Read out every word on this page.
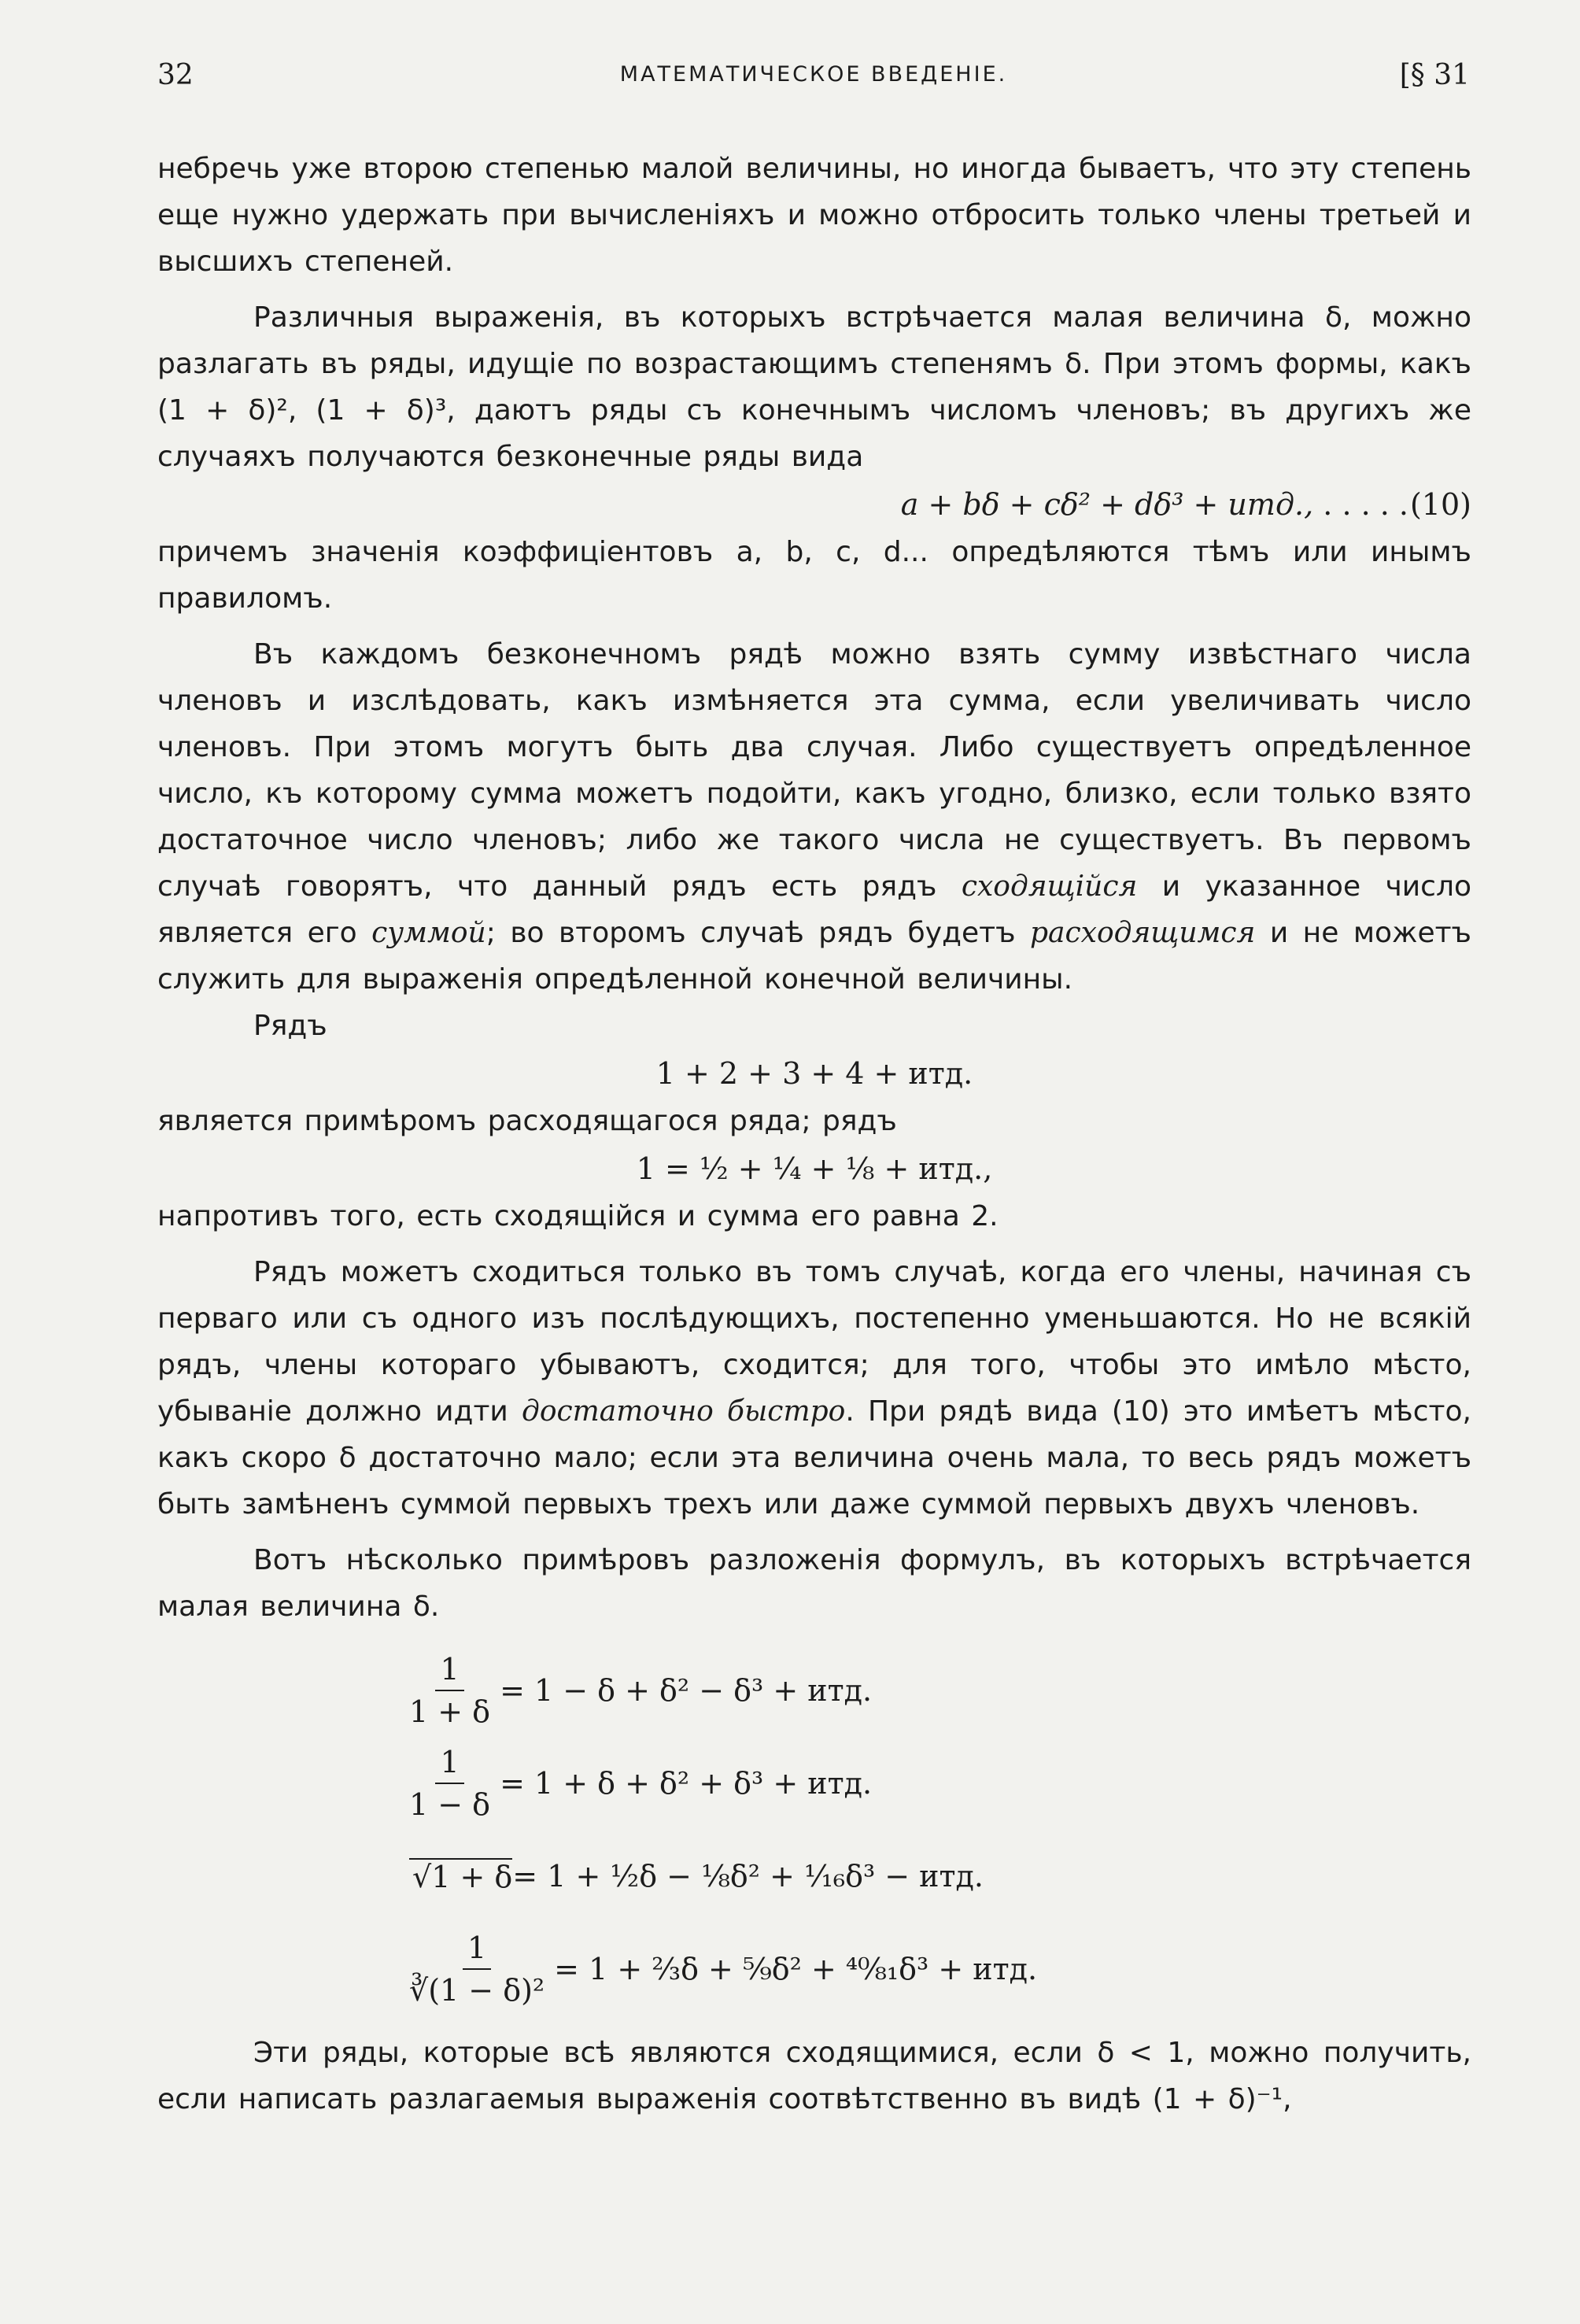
32	МАТЕМАТИЧЕСКОЕ ВВЕДЕНІЕ.	[§ 31

небречь уже второю степенью малой величины, но иногда бываетъ, что эту степень еще нужно удержать при вычисленіяхъ и можно отбросить только члены третьей и высшихъ степеней.

Различныя выраженія, въ которыхъ встрѣчается малая величина δ, можно разлагать въ ряды, идущіе по возрастающимъ степенямъ δ. При этомъ формы, какъ (1 + δ)², (1 + δ)³, даютъ ряды съ конечнымъ числомъ членовъ; въ другихъ же случаяхъ получаются безконечные ряды вида

a + bδ + cδ² + dδ³ + итд., . . . . . (10)

причемъ значенія коэффиціентовъ a, b, c, d... опредѣляются тѣмъ или инымъ правиломъ.

Въ каждомъ безконечномъ рядѣ можно взять сумму извѣстнаго числа членовъ и изслѣдовать, какъ измѣняется эта сумма, если увеличивать число членовъ. При этомъ могутъ быть два случая. Либо существуетъ опредѣленное число, къ которому сумма можетъ подойти, какъ угодно, близко, если только взято достаточное число членовъ; либо же такого числа не существуетъ. Въ первомъ случаѣ говорятъ, что данный рядъ есть рядъ сходящійся и указанное число является его суммой; во второмъ случаѣ рядъ будетъ расходящимся и не можетъ служить для выраженія опредѣленной конечной величины.

Рядъ

1 + 2 + 3 + 4 + итд.

является примѣромъ расходящагося ряда; рядъ

1 = ½ + ¼ + ⅛ + итд.,

напротивъ того, есть сходящійся и сумма его равна 2.

Рядъ можетъ сходиться только въ томъ случаѣ, когда его члены, начиная съ перваго или съ одного изъ послѣдующихъ, постепенно уменьшаются. Но не всякій рядъ, члены котораго убываютъ, сходится; для того, чтобы это имѣло мѣсто, убываніе должно идти достаточно быстро. При рядѣ вида (10) это имѣетъ мѣсто, какъ скоро δ достаточно мало; если эта величина очень мала, то весь рядъ можетъ быть замѣненъ суммой первыхъ трехъ или даже суммой первыхъ двухъ членовъ.

Вотъ нѣсколько примѣровъ разложенія формулъ, въ которыхъ встрѣчается малая величина δ.

$\frac{1}{1 + \delta} = 1 - \delta + \delta^2 - \delta^3$ + итд.
$\frac{1}{1 - \delta} = 1 + \delta + \delta^2 + \delta^3$ + итд.
√1 + δ = 1 + ½δ − ⅛δ² + ¹⁄₁₆δ³ − итд.
$\frac{1}{\text{∛(1 − δ)²}} = 1$ + ⅔δ + ⁵⁄₉δ² + ⁴⁰⁄₈₁δ³ + итд.

Эти ряды, которые всѣ являются сходящимися, если δ < 1, можно получить, если написать разлагаемыя выраженія соотвѣтственно въ видѣ (1 + δ)⁻¹,
